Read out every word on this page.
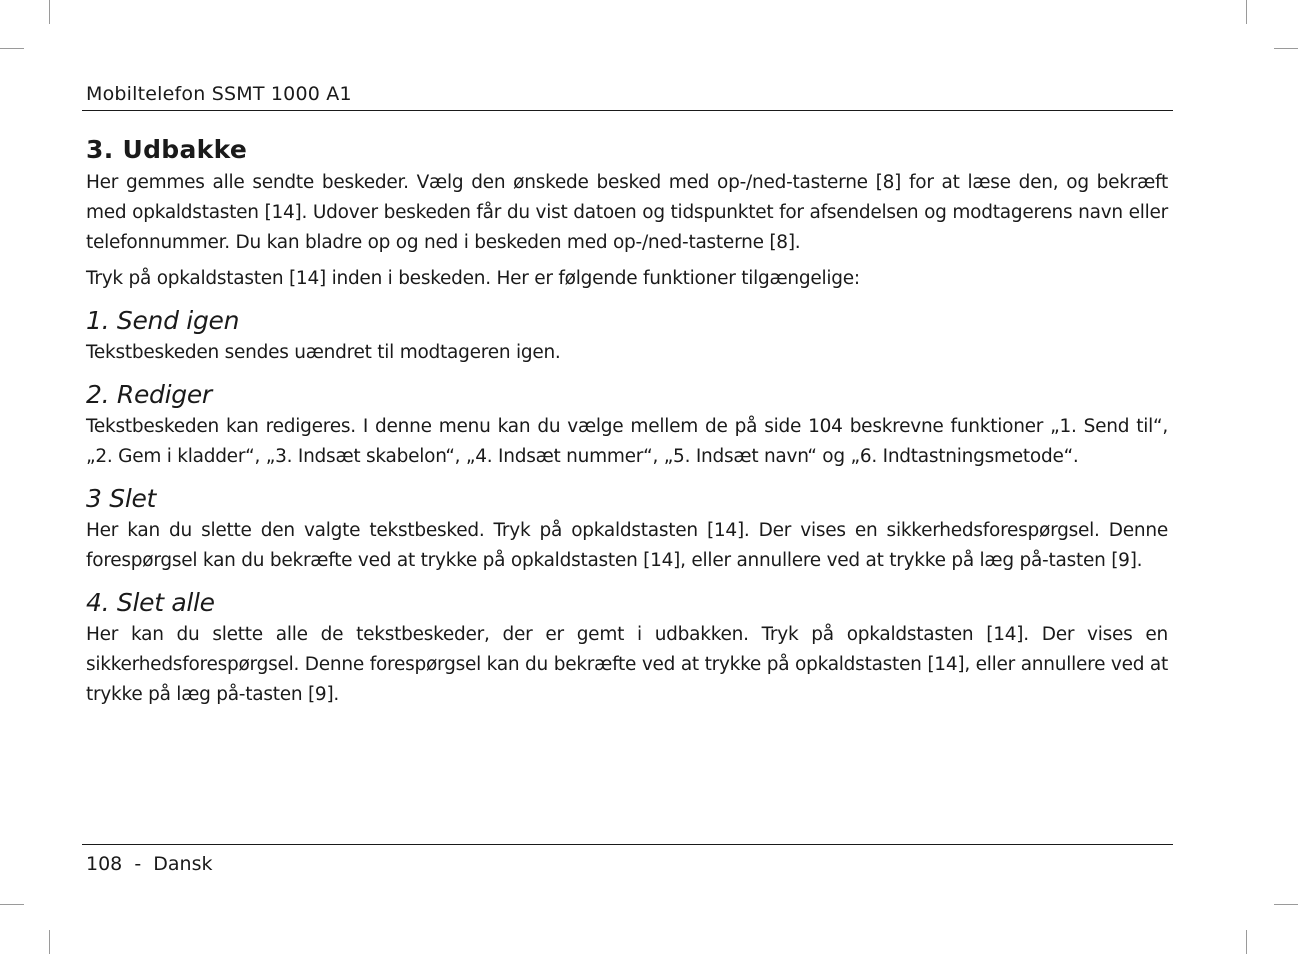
Mobiltelefon SSMT 1000 A1
3. Udbakke

Her gemmes alle sendte beskeder. Vælg den ønskede besked med op-/ned-tasterne [8] for at læse den, og bekræft med opkaldstasten [14]. Udover beskeden får du vist datoen og tidspunktet for afsendelsen og modtagerens navn eller telefonnummer. Du kan bladre op og ned i beskeden med op-/ned-tasterne [8].

Tryk på opkaldstasten [14] inden i beskeden. Her er følgende funktioner tilgængelige:

1. Send igen

Tekstbeskeden sendes uændret til modtageren igen.

2. Rediger

Tekstbeskeden kan redigeres. I denne menu kan du vælge mellem de på side 104 beskrevne funktioner „1. Send til“, „2. Gem i kladder“, „3. Indsæt skabelon“, „4. Indsæt nummer“, „5. Indsæt navn“ og „6. Indtastningsmetode“.

3 Slet

Her kan du slette den valgte tekstbesked. Tryk på opkaldstasten [14]. Der vises en sikkerhedsforespørgsel. Denne forespørgsel kan du bekræfte ved at trykke på opkaldstasten [14], eller annullere ved at trykke på læg på-tasten [9].

4. Slet alle

Her kan du slette alle de tekstbeskeder, der er gemt i udbakken. Tryk på opkaldstasten [14]. Der vises en sikkerhedsforespørgsel. Denne forespørgsel kan du bekræfte ved at trykke på opkaldstasten [14], eller annullere ved at trykke på læg på-tasten [9].

108  -  Dansk
